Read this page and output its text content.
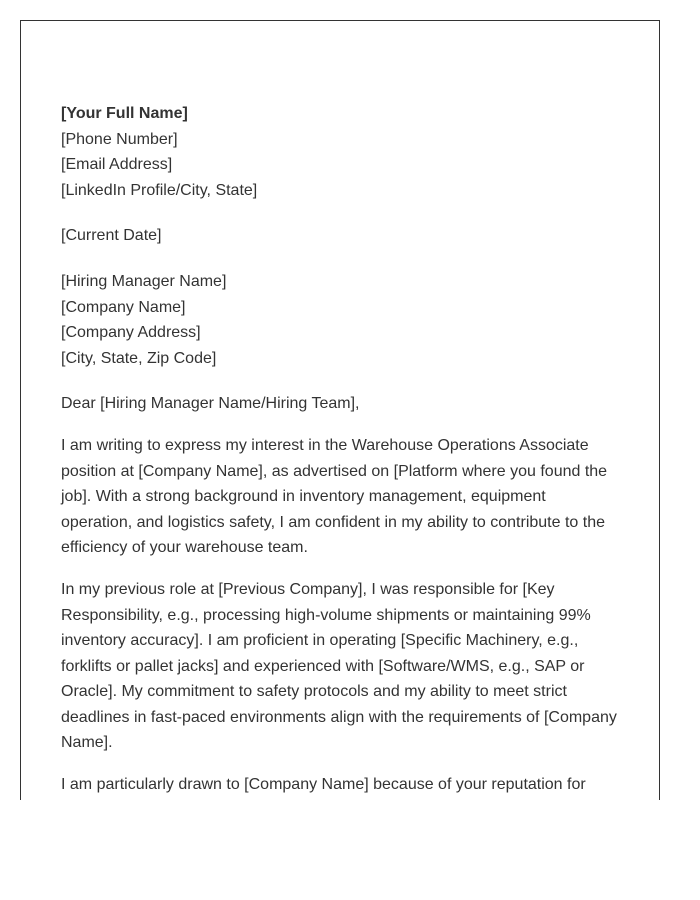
[Your Full Name]
[Phone Number]
[Email Address]
[LinkedIn Profile/City, State]
[Current Date]
[Hiring Manager Name]
[Company Name]
[Company Address]
[City, State, Zip Code]
Dear [Hiring Manager Name/Hiring Team],

I am writing to express my interest in the Warehouse Operations Associate position at [Company Name], as advertised on [Platform where you found the job]. With a strong background in inventory management, equipment operation, and logistics safety, I am confident in my ability to contribute to the efficiency of your warehouse team.

In my previous role at [Previous Company], I was responsible for [Key Responsibility, e.g., processing high-volume shipments or maintaining 99% inventory accuracy]. I am proficient in operating [Specific Machinery, e.g., forklifts or pallet jacks] and experienced with [Software/WMS, e.g., SAP or Oracle]. My commitment to safety protocols and my ability to meet strict deadlines in fast-paced environments align with the requirements of [Company Name].

I am particularly drawn to [Company Name] because of your reputation for
